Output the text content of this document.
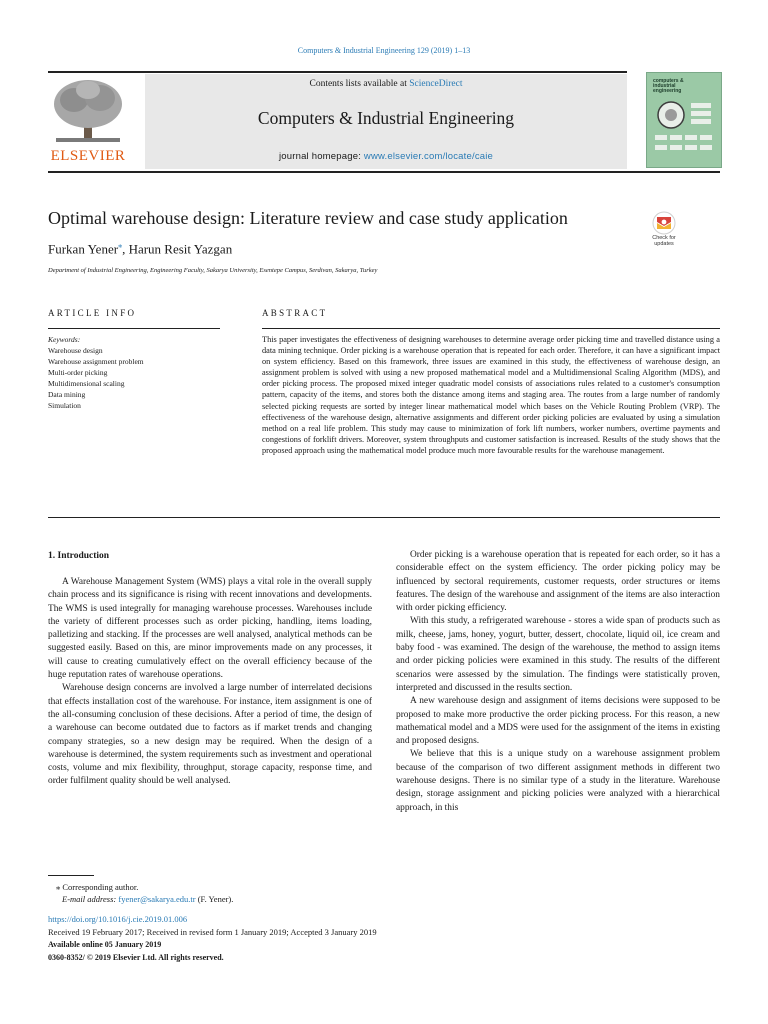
Computers & Industrial Engineering 129 (2019) 1–13
ELSEVIER
Contents lists available at ScienceDirect
Computers & Industrial Engineering
journal homepage: www.elsevier.com/locate/caie
computers & industrial engineering
Optimal warehouse design: Literature review and case study application
Furkan Yener⁎, Harun Resit Yazgan
Department of Industrial Engineering, Engineering Faculty, Sakarya University, Esentepe Campus, Serdivan, Sakarya, Turkey
Check for updates
ARTICLE INFO	ABSTRACT
Keywords:
Warehouse design
Warehouse assignment problem
Multi-order picking
Multidimensional scaling
Data mining
Simulation
This paper investigates the effectiveness of designing warehouses to determine average order picking time and travelled distance using a data mining technique. Order picking is a warehouse operation that is repeated for each order. Therefore, it can have a significant impact on system efficiency. Based on this framework, three issues are examined in this study, the effectiveness of warehouse design, an assignment problem is solved with using a new proposed mathematical model and a Multidimensional Scaling Algorithm (MDS), and order picking process. The proposed mixed integer quadratic model consists of associations rules related to a customer's consumption pattern, capacity of the items, and stores both the distance among items and staging area. The routes from a large number of randomly selected picking requests are sorted by integer linear mathematical model which bases on the Vehicle Routing Problem (VRP). The effectiveness of the warehouse design, alternative assignments and different order picking policies are evaluated by using a simulation method on a real life problem. This study may cause to minimization of fork lift numbers, worker numbers, overtime payments and congestions of forklift drivers. Moreover, system throughputs and customer satisfaction is increased. Results of the study shows that the proposed approach using the mathematical model produce much more favourable results for the warehouse management.
1. Introduction

A Warehouse Management System (WMS) plays a vital role in the overall supply chain process and its significance is rising with recent innovations and developments. The WMS is used integrally for managing warehouse processes. Warehouses include the variety of different processes such as order picking, handling, items loading, palletizing and stacking. If the processes are well analysed, analytical methods can be suggested easily. Based on this, are minor improvements made on any processes, it will cause to creating cumulatively effect on the overall efficiency because of the huge reputation rates of warehouse operations.

Warehouse design concerns are involved a large number of interrelated decisions that effects installation cost of the warehouse. For instance, item assignment is one of the all-consuming conclusion of these decisions. After a period of time, the design of a warehouse can become outdated due to factors as if market trends and changing company strategies, so a new design may be required. When the design of a warehouse is determined, the system requirements such as investment and operational costs, volume and mix flexibility, throughput, storage capacity, response time, and order fulfilment quality should be well analysed.

Order picking is a warehouse operation that is repeated for each order, so it has a considerable effect on the system efficiency. The order picking policy may be influenced by sectoral requirements, customer requests, order structures or items features. The design of the warehouse and assignment of the items are also interaction with order picking efficiency.

With this study, a refrigerated warehouse - stores a wide span of products such as milk, cheese, jams, honey, yogurt, butter, dessert, chocolate, liquid oil, ice cream and baby food - was examined. The design of the warehouse, the method to assign items and order picking policies were examined in this study. The results of the different scenarios were assessed by the simulation. The findings were statistically proven, interpreted and discussed in the results section.

A new warehouse design and assignment of items decisions were supposed to be proposed to make more productive the order picking process. For this reason, a new mathematical model and a MDS were used for the assignment of the items in existing and proposed designs.

We believe that this is a unique study on a warehouse assignment problem because of the comparison of two different assignment methods in different two warehouse designs. There is no similar type of a study in the literature. Warehouse design, storage assignment and picking policies were analyzed with a hierarchical approach, in this

⁎ Corresponding author.
E-mail address: fyener@sakarya.edu.tr (F. Yener).
https://doi.org/10.1016/j.cie.2019.01.006
Received 19 February 2017; Received in revised form 1 January 2019; Accepted 3 January 2019
Available online 05 January 2019
0360-8352/ © 2019 Elsevier Ltd. All rights reserved.
